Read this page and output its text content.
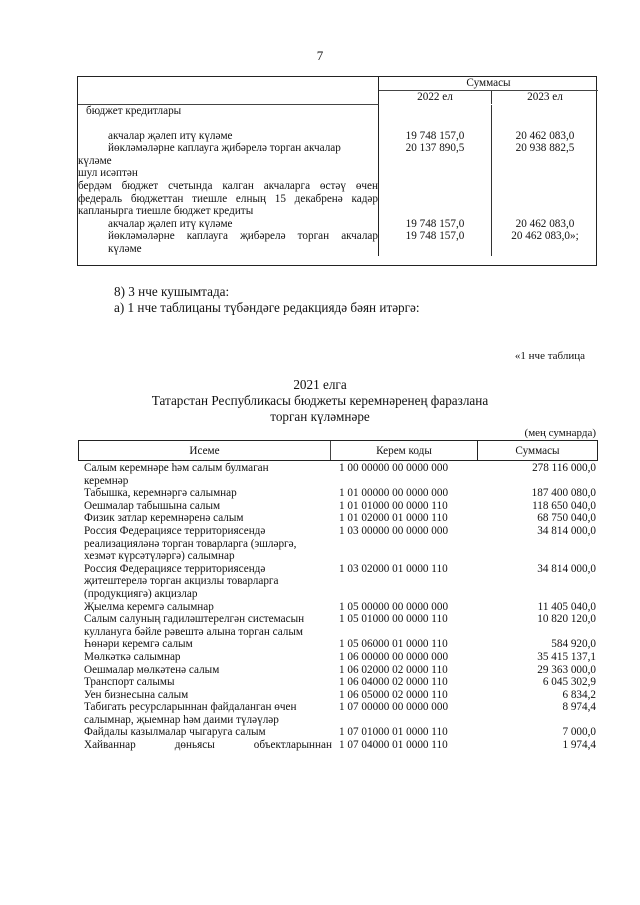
7
Суммасы
2022 ел	2023 ел
бюджет кредитлары
акчалар җәлеп итү күләме	19 748 157,0	20 462 083,0
йөкләмәләрне каплауга җибәрелә торган акчалар	20 137 890,5	20 938 882,5
күләме
шул исәптән
бердәм бюджет счетында калган акчаларга өстәү өчен
федераль бюджеттан тиешле елның 15 декабренә кадәр
капланырга тиешле бюджет кредиты
акчалар җәлеп итү күләме	19 748 157,0	20 462 083,0
йөкләмәләрне каплауга җибәрелә торган акчалар	19 748 157,0	20 462 083,0»;
күләме
8) 3 нче кушымтада:
а) 1 нче таблицаны түбәндәге редакциядә бәян итәргә:
«1 нче таблица
2021 елга
Татарстан Республикасы бюджеты керемнәренең фаразлана
торган күләмнәре
(мең сумнарда)
Исеме	Керем коды	Суммасы
Салым керемнәре һәм салым булмаган	1 00 00000 00 0000 000	278 116 000,0
керемнәр
Табышка, керемнәргә салымнар	1 01 00000 00 0000 000	187 400 080,0
Оешмалар табышына салым	1 01 01000 00 0000 110	118 650 040,0
Физик затлар керемнәренә салым	1 01 02000 01 0000 110	68 750 040,0
Россия Федерациясе территориясендә	1 03 00000 00 0000 000	34 814 000,0
реализацияләнә торган товарларга (эшләргә,
хезмәт күрсәтүләргә) салымнар
Россия Федерациясе территориясендә	1 03 02000 01 0000 110	34 814 000,0
җитештерелә торган акцизлы товарларга
(продукциягә) акцизлар
Җыелма керемгә салымнар	1 05 00000 00 0000 000	11 405 040,0
Салым салуның гадиләштерелгән системасын	1 05 01000 00 0000 110	10 820 120,0
куллануга бәйле рәвештә алына торган салым
Һөнәри керемгә салым	1 05 06000 01 0000 110	584 920,0
Мөлкәткә салымнар	1 06 00000 00 0000 000	35 415 137,1
Оешмалар мөлкәтенә салым	1 06 02000 02 0000 110	29 363 000,0
Транспорт салымы	1 06 04000 02 0000 110	6 045 302,9
Уен бизнесына салым	1 06 05000 02 0000 110	6 834,2
Табигать ресурсларыннан файдаланган өчен	1 07 00000 00 0000 000	8 974,4
салымнар, җыемнар һәм даими түләүләр
Файдалы казылмалар чыгаруга салым	1 07 01000 01 0000 110	7 000,0
Хайваннар дөньясы объектларыннан 1 07 04000 01 0000 110	1 974,4
